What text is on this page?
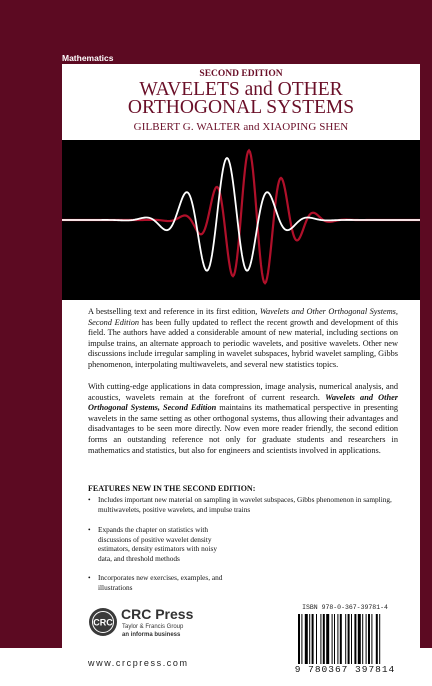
Mathematics
SECOND EDITION
WAVELETS and OTHER
ORTHOGONAL SYSTEMS
GILBERT G. WALTER and XIAOPING SHEN
A bestselling text and reference in its first edition, Wavelets and Other Orthogonal Systems, Second Edition has been fully updated to reflect the recent growth and development of this field. The authors have added a considerable amount of new material, including sections on impulse trains, an alternate approach to periodic wavelets, and positive wavelets. Other new discussions include irregular sampling in wavelet subspaces, hybrid wavelet sampling, Gibbs phenomenon, interpolating multiwavelets, and several new statistics topics.
With cutting-edge applications in data compression, image analysis, numerical analysis, and acoustics, wavelets remain at the forefront of current research. Wavelets and Other Orthogonal Systems, Second Edition maintains its mathematical perspective in presenting wavelets in the same setting as other orthogonal systems, thus allowing their advantages and disadvantages to be seen more directly. Now even more reader friendly, the second edition forms an outstanding reference not only for graduate students and researchers in mathematics and statistics, but also for engineers and scientists involved in applications.
FEATURES NEW IN THE SECOND EDITION:
• Includes important new material on sampling in wavelet subspaces, Gibbs phenomenon in sampling, multiwavelets, positive wavelets, and impulse trains
• Expands the chapter on statistics with discussions of positive wavelet density estimators, density estimators with noisy data, and threshold methods
• Incorporates new exercises, examples, and illustrations
CRC
CRC Press
Taylor & Francis Group
an informa business
www.crcpress.com
ISBN 978-0-367-39781-4
9 780367 397814
